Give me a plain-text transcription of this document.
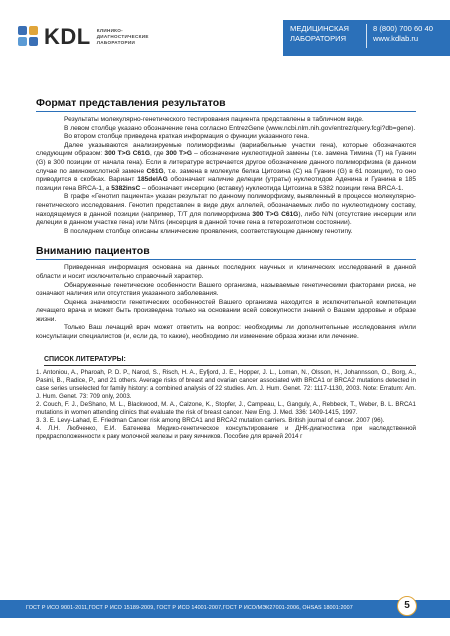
KDL КЛИНИКО-
ДИАГНОСТИЧЕСКИЕ
ЛАБОРАТОРИИ
МЕДИЦИНСКАЯ
ЛАБОРАТОРИЯ
8 (800) 700 60 40
www.kdlab.ru
Формат представления результатов

Результаты молекулярно-генетического тестирования пациента представлены в табличном виде.

В левом столбце указано обозначение гена согласно EntrezGene (www.ncbi.nlm.nih.gov/entrez/query.fcgi?db=gene).

Во втором столбце приведена краткая информация о функции указанного гена.

Далее указываются анализируемые полиморфизмы (вариабельные участки гена), которые обозначаются следующим образом: 300 T>G C61G, где 300 T>G – обозначение нуклеотидной замены (т.е. замена Тимина (T) на Гуанин (G) в 300 позиции от начала гена). Если в литературе встречается другое обозначение данного полиморфизма (в данном случае по аминокислотной замене C61G, т.е. замена в молекуле белка Цитозина (C) на Гуанин (G) в 61 позиции), то оно приводится в скобках. Вариант 185delAG обозначает наличие делеции (утраты) нуклеотидов Аденина и Гуанина в 185 позиции гена BRCA-1, а 5382insC – обозначает инсерцию (вставку) нуклеотида Цитозина в 5382 позиции гена BRCA-1.

В графе «Генотип пациента» указан результат по данному полиморфизму, выявленный в процессе молекулярно-генетического исследования. Генотип представлен в виде двух аллелей, обозначаемых либо по нуклеотидному составу, находящемуся в данной позиции (например, T/T для полиморфизма 300 T>G C61G), либо N/N (отсутствие инсерции или делеции в данном участке гена) или N/ins (инсерция в данной точке гена в гетерозиготном состоянии).

В последнем столбце описаны клинические проявления, соответствующие данному генотипу.

Вниманию пациентов

Приведенная информация основана на данных последних научных и клинических исследований в данной области и носит исключительно справочный характер.

Обнаруженные генетические особенности Вашего организма, называемые генетическими факторами риска, не означают наличия или отсутствия указанного заболевания.

Оценка значимости генетических особенностей Вашего организма находится в исключительной компетенции лечащего врача и может быть произведена только на основании всей совокупности знаний о Вашем здоровье и образе жизни.

Только Ваш лечащий врач может ответить на вопрос: необходимы ли дополнительные исследования и/или консультации специалистов (и, если да, то какие), необходимо ли изменение образа жизни или лечение.

СПИСОК ЛИТЕРАТУРЫ:

1. Antoniou, A., Pharoah, P. D. P., Narod, S., Risch, H. A., Eyfjord, J. E., Hopper, J. L., Loman, N., Olsson, H., Johannsson, O., Borg, A., Pasini, B., Radice, P., and 21 others. Average risks of breast and ovarian cancer associated with BRCA1 or BRCA2 mutations detected in case series unselected for family history: a combined analysis of 22 studies. Am. J. Hum. Genet. 72: 1117-1130, 2003. Note: Erratum: Am. J. Hum. Genet. 73: 709 only, 2003.

2. Couch, F. J., DeShano, M. L., Blackwood, M. A., Calzone, K., Stopfer, J., Campeau, L., Ganguly, A., Rebbeck, T., Weber, B. L. BRCA1 mutations in women attending clinics that evaluate the risk of breast cancer. New Eng. J. Med. 336: 1409-1415, 1997.

3. 3. E. Levy-Lahad, E. Friedman Cancer risk among BRCA1 and BRCA2 mutation carriers. British journal of cancer. 2007 (96).

4. Л.Н. Любченко, Е.И. Батенева Медико-генетическое консультирование и ДНК-диагностика при наследственной предрасположенности к раку молочной железы и раку яичников. Пособие для врачей 2014 г

ГОСТ Р ИСО 9001-2011,ГОСТ Р ИСО 15189-2009, ГОСТ Р ИСО 14001-2007,ГОСТ Р ИСО/МЭК27001-2006, OHSAS 18001:2007	5
